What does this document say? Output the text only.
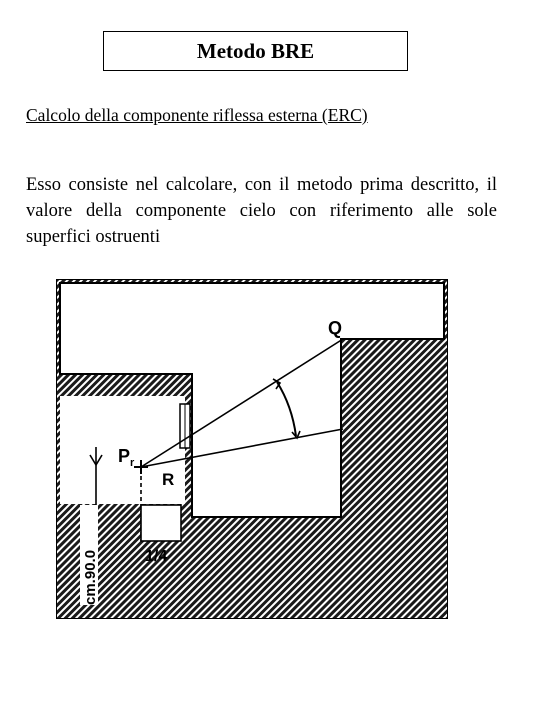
Metodo BRE
Calcolo della componente riflessa esterna (ERC)
Esso consiste nel calcolare, con il metodo prima descritto, il valore della componente cielo con riferimento alle sole superfici ostruenti
Q
$P_r$
R
1/4
cm.90.0
